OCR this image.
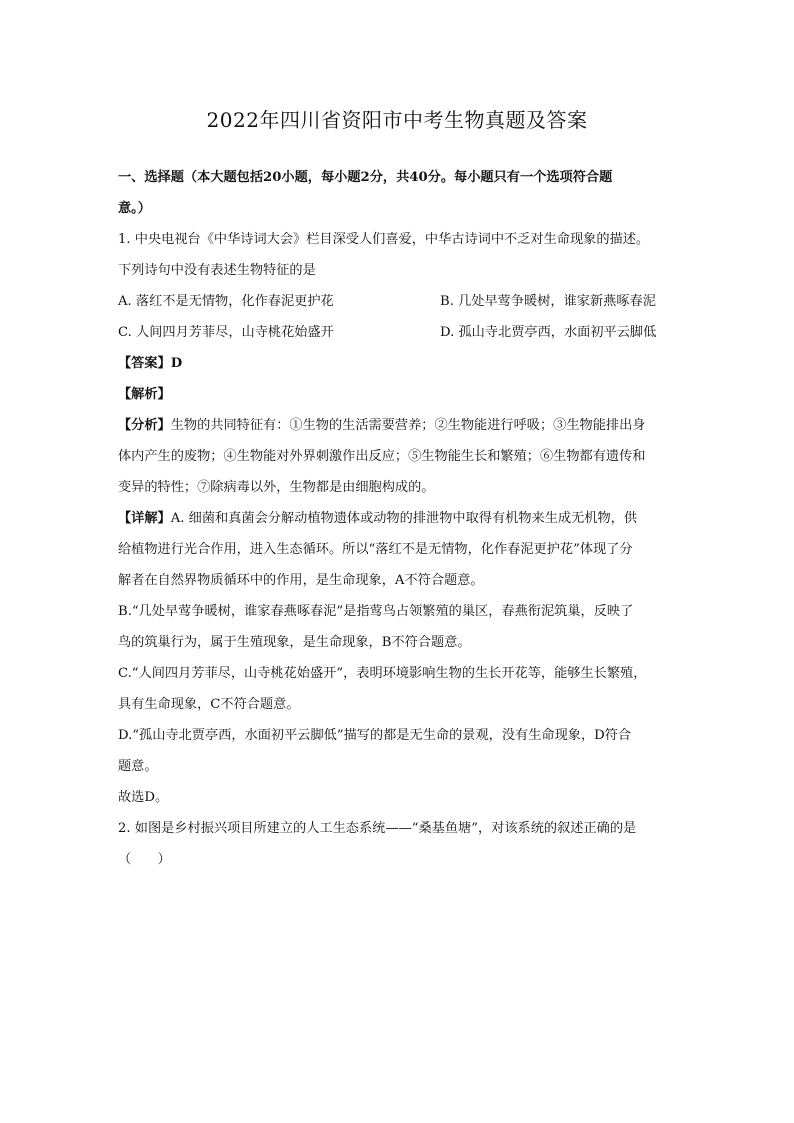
2022年四川省资阳市中考生物真题及答案
一、选择题（本大题包括20小题，每小题2分，共40分。每小题只有一个选项符合题
意。）
1. 中央电视台《中华诗词大会》栏目深受人们喜爱，中华古诗词中不乏对生命现象的描述。
下列诗句中没有表述生物特征的是
A. 落红不是无情物，化作春泥更护花	B. 几处早莺争暖树，谁家新燕啄春泥
C. 人间四月芳菲尽，山寺桃花始盛开	D. 孤山寺北贾亭西，水面初平云脚低
【答案】D
【解析】
【分析】生物的共同特征有：①生物的生活需要营养；②生物能进行呼吸；③生物能排出身
体内产生的废物；④生物能对外界刺激作出反应；⑤生物能生长和繁殖；⑥生物都有遗传和
变异的特性；⑦除病毒以外，生物都是由细胞构成的。
【详解】A. 细菌和真菌会分解动植物遗体或动物的排泄物中取得有机物来生成无机物，供
给植物进行光合作用，进入生态循环。所以“落红不是无情物，化作春泥更护花”体现了分
解者在自然界物质循环中的作用，是生命现象，A不符合题意。
B.“几处早莺争暖树，谁家春燕啄春泥”是指莺鸟占领繁殖的巢区，春燕衔泥筑巢，反映了
鸟的筑巢行为，属于生殖现象，是生命现象，B不符合题意。
C.“人间四月芳菲尽，山寺桃花始盛开”，表明环境影响生物的生长开花等，能够生长繁殖，
具有生命现象，C不符合题意。
D.“孤山寺北贾亭西，水面初平云脚低”描写的都是无生命的景观，没有生命现象，D符合
题意。
故选D。
2. 如图是乡村振兴项目所建立的人工生态系统——“桑基鱼塘”，对该系统的叙述正确的是
（　　）
